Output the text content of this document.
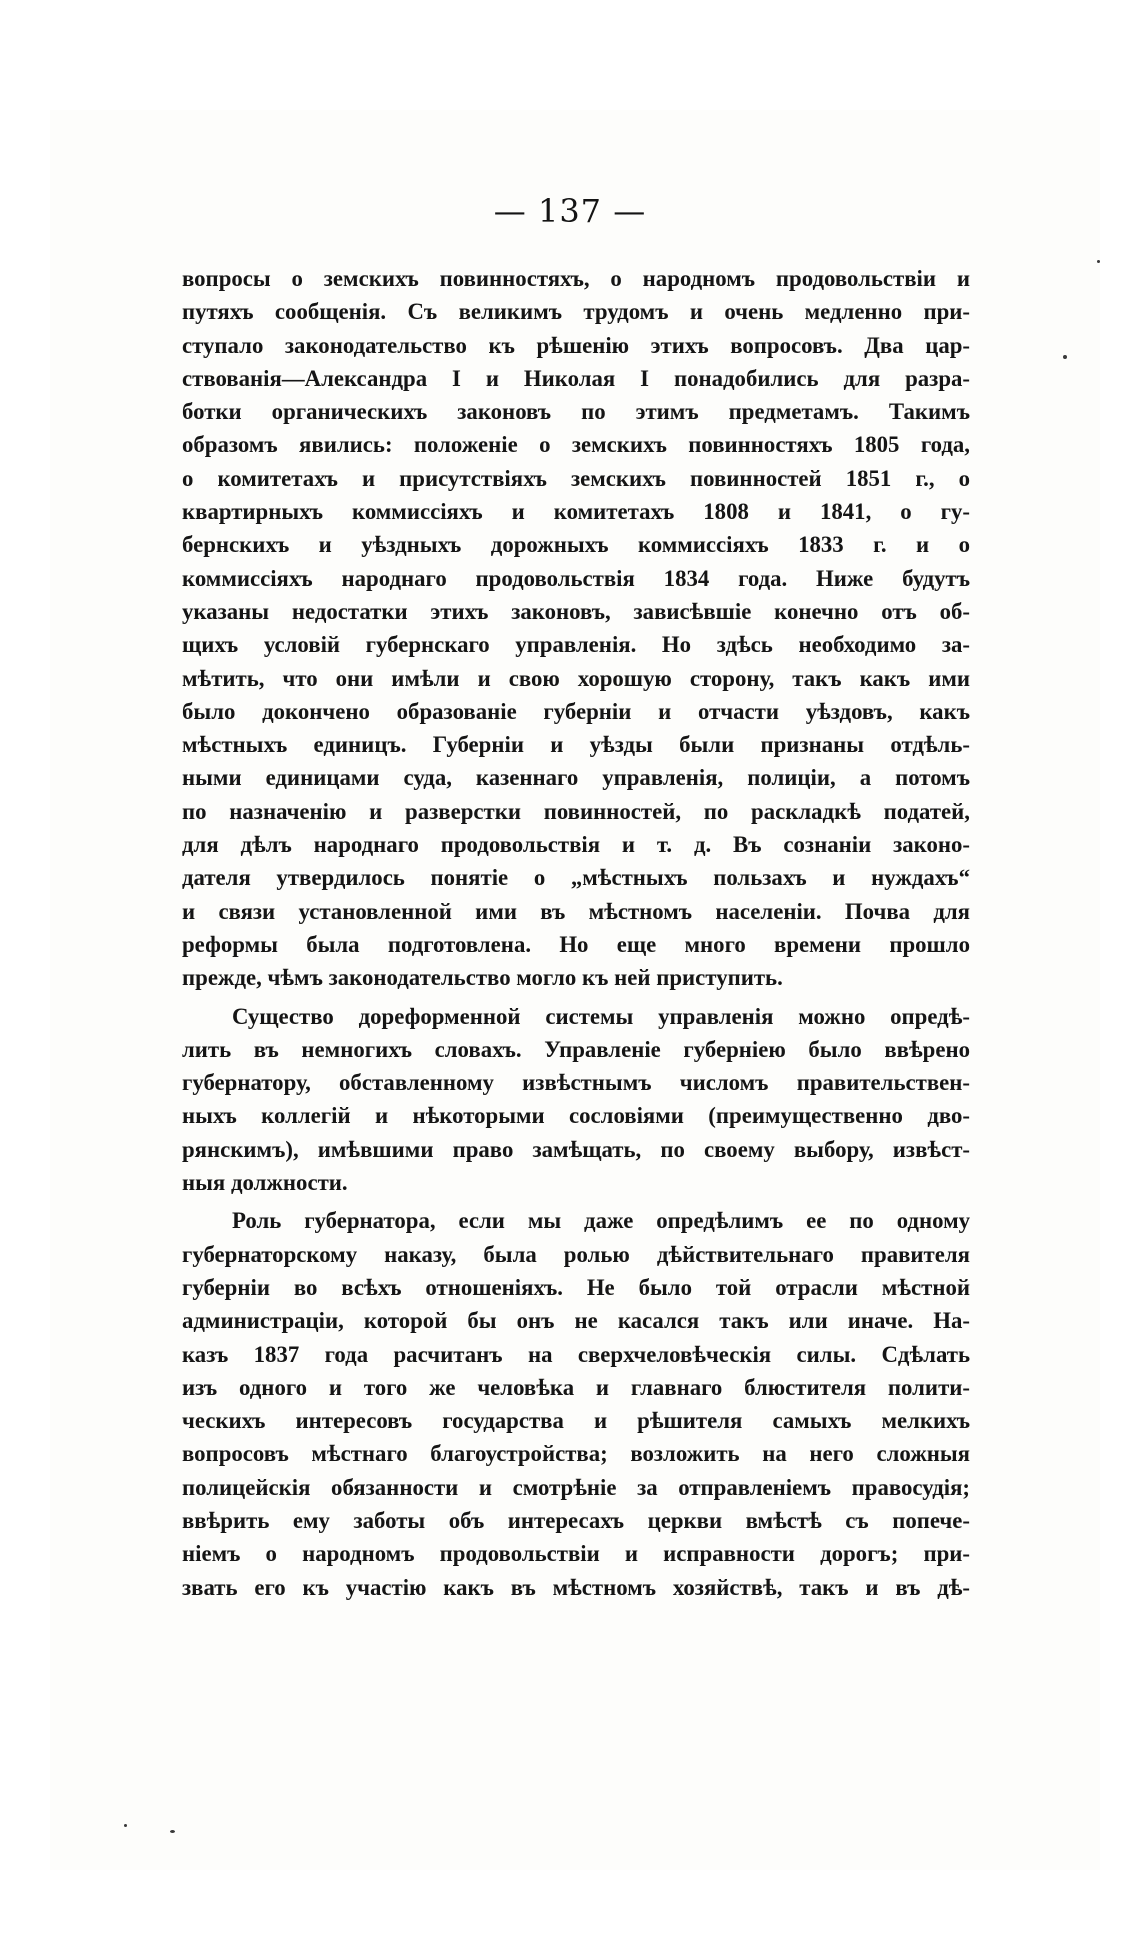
— 137 —
вопросы о земскихъ повинностяхъ, о народномъ продовольствіи и
путяхъ сообщенія. Съ великимъ трудомъ и очень медленно при-
ступало законодательство къ рѣшенію этихъ вопросовъ. Два цар-
ствованія—Александра I и Николая I понадобились для разра-
ботки органическихъ законовъ по этимъ предметамъ. Такимъ
образомъ явились: положеніе о земскихъ повинностяхъ 1805 года,
о комитетахъ и присутствіяхъ земскихъ повинностей 1851 г., о
квартирныхъ коммиссіяхъ и комитетахъ 1808 и 1841, о гу-
бернскихъ и уѣздныхъ дорожныхъ коммиссіяхъ 1833 г. и о
коммиссіяхъ народнаго продовольствія 1834 года. Ниже будутъ
указаны недостатки этихъ законовъ, зависѣвшіе конечно отъ об-
щихъ условій губернскаго управленія. Но здѣсь необходимо за-
мѣтить, что они имѣли и свою хорошую сторону, такъ какъ ими
было докончено образованіе губерніи и отчасти уѣздовъ, какъ
мѣстныхъ единицъ. Губерніи и уѣзды были признаны отдѣль-
ными единицами суда, казеннаго управленія, полиціи, а потомъ
по назначенію и разверстки повинностей, по раскладкѣ податей,
для дѣлъ народнаго продовольствія и т. д. Въ сознаніи законо-
дателя утвердилось понятіе о „мѣстныхъ пользахъ и нуждахъ“
и связи установленной ими въ мѣстномъ населеніи. Почва для
реформы была подготовлена. Но еще много времени прошло
прежде, чѣмъ законодательство могло къ ней приступить.
Существо дореформенной системы управленія можно опредѣ-
лить въ немногихъ словахъ. Управленіе губерніею было ввѣрено
губернатору, обставленному извѣстнымъ числомъ правительствен-
ныхъ коллегій и нѣкоторыми сословіями (преимущественно дво-
рянскимъ), имѣвшими право замѣщать, по своему выбору, извѣст-
ныя должности.
Роль губернатора, если мы даже опредѣлимъ ее по одному
губернаторскому наказу, была ролью дѣйствительнаго правителя
губерніи во всѣхъ отношеніяхъ. Не было той отрасли мѣстной
администраціи, которой бы онъ не касался такъ или иначе. На-
казъ 1837 года расчитанъ на сверхчеловѣческія силы. Сдѣлать
изъ одного и того же человѣка и главнаго блюстителя полити-
ческихъ интересовъ государства и рѣшителя самыхъ мелкихъ
вопросовъ мѣстнаго благоустройства; возложить на него сложныя
полицейскія обязанности и смотрѣніе за отправленіемъ правосудія;
ввѣрить ему заботы объ интересахъ церкви вмѣстѣ съ попече-
ніемъ о народномъ продовольствіи и исправности дорогъ; при-
звать его къ участію какъ въ мѣстномъ хозяйствѣ, такъ и въ дѣ-
